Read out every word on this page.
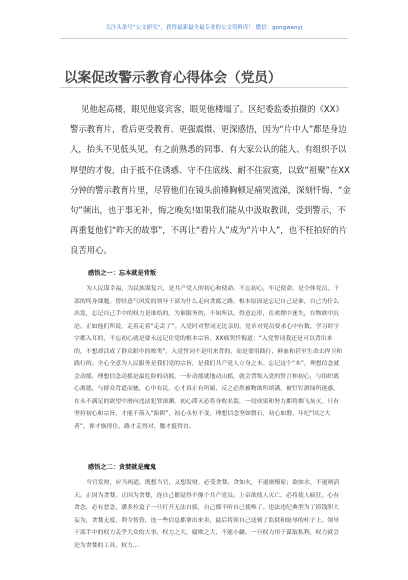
关注头条号“公文研究”，获得最新最全最专业的公文资料库！ 微信：gongwenyj
以案促改警示教育心得体会（党员）

见他起高楼，眼见他宴宾客，眼见他楼塌了。区纪委监委拍摄的《XX》警示教育片，看后更受教育、更强震慑、更深感悟，因为“片中人”都是身边人，抬头不见低头见，有之前熟悉的同事、有大家公认的能人、有组织予以厚望的才俊，由于抵不住诱惑、守不住底线、耐不住寂寞，以致“祖聚”在XX分钟的警示教育片里，尽管他们在镜头前捶胸顿足痛哭流涕，深刻忏悔、“金句”频出，也于事无补，悔之晚矣!如果我们能从中汲取教训，受到警示，不再重复他们“昨天的故事”，不再让“看片人”成为“片中人”，也不枉拍好的片良苦用心。

感悟之一：忘本就是背叛
为人民谋幸福，为民族谋复兴，是共产党人的初心和使命。不忘初心，牢记使命，是全体党员、干部的终身课题。曾经意气风发的领导干部为什么走向贪腐之路，根本原因是忘记自己是谁，自己为什么出发，忘记自己手中的权力是谁给的，为谁服务的，不知所以，得意忘形，在欢撑中迷失，在物欲中沉沦。正如他们所说，走着走着“走丢了”。入党时对誓词无比亲切，党章对党员要求心中有数，学习时字字都入耳的，不忘初心就是要永远记住党的根本宗旨，XX痛哭忏悔道：“入党誓词我还是可以背出来的，不想却活成了群众眼中的败类”，入党誓词不是用来背的，而是要用践行，鲜血和甚至生命去捍卫和践行的。全心全意为人民服务是我们党的宗旨，是我们共产党人立身之本。忘记这个“本”，理想信念就会动摇，理想信念动摇是最危险的动摇，一步动摇就地动山摇，就会背叛入党的誓言和初心，与组织离心离德，与群众背道而驰，心中有民，心才真正有所属，反之必然被物欲所填满，被钉钉酒绿所迷惑，在永不满足的欲望中滑向违法犯罪深渊，初心滞灭必将身败名裂，一切成果和努力都将烟飞灰灭，只有坚持初心和宗旨，才能不落入“陷阱”，初心永恒不变，理想信念坚如磐石，初心如磐，年纪“国之大者”，禅才焕得住、路才走得对、腰才挺得直。
感悟之二：贪婪就是魔鬼
当官发财，应当两道，既想当官，又想发财，必受贪婪。贪如火，不遏则燎原；欲如水，不遏则滔天。正因为贪婪，正因为贪婪，连自己都觉得不像个共产党员。上帝欲使人灭亡，必将使人疯狂。心有贪念，必有恶念，潘多拉盒子一旦打开无法自拔，自己都不听自己使唤了。违法违纪典型为了捞钱胆大妄为，贪婪无度，利令智昏，连一些信息都拿出来卖，最后将领自己送到了监狱和耻辱的柱子上。领导干部手中的权力关乎大众的大事，权力之大，腐败之大，不能小觑。一旦权力用于谋取私利，权力就会沦为贪婪的工具。权力...
